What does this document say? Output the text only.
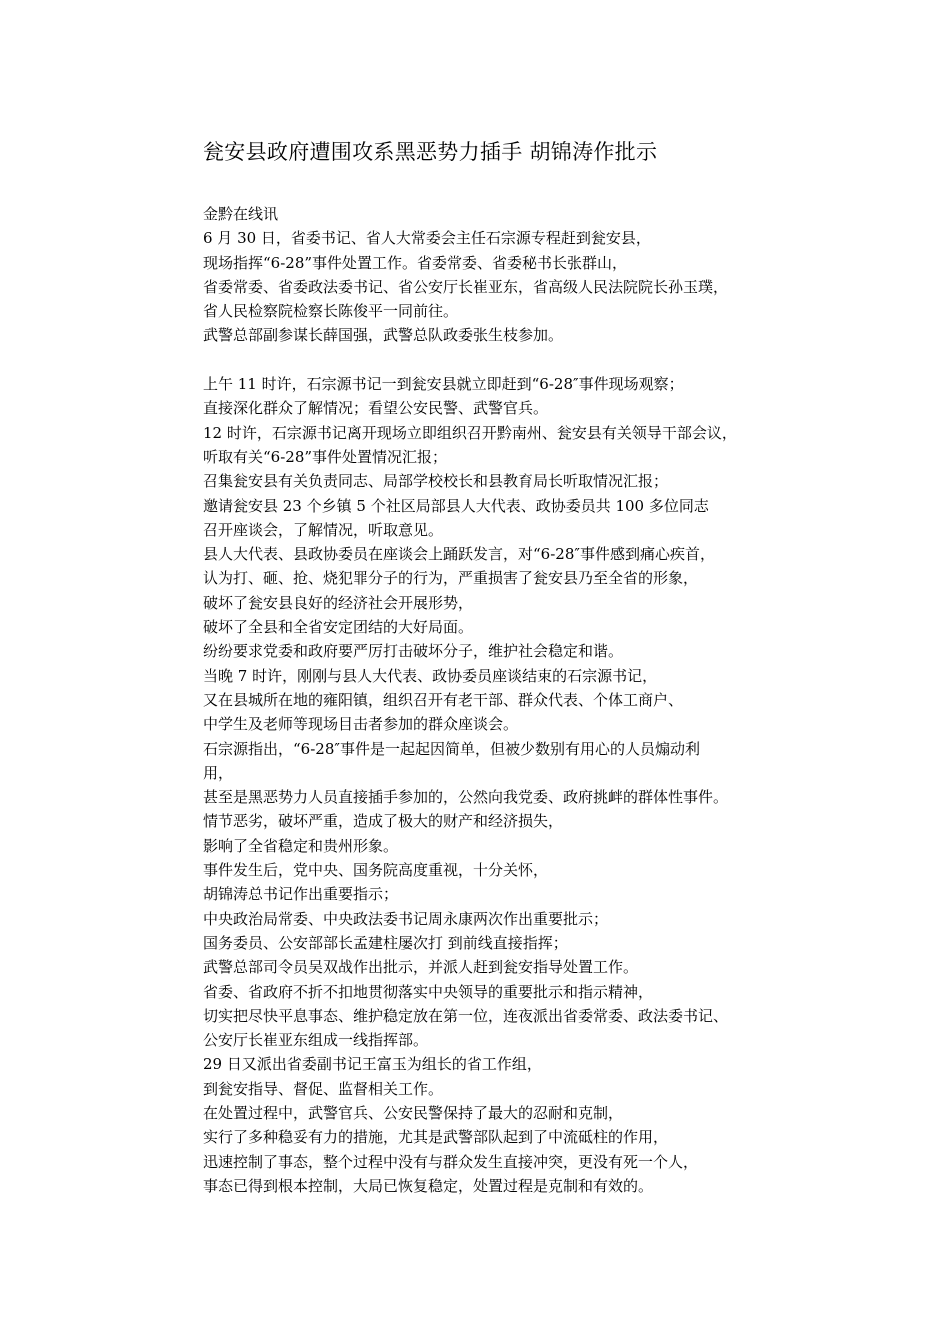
瓮安县政府遭围攻系黑恶势力插手 胡锦涛作批示
金黔在线讯
6 月 30 日，省委书记、省人大常委会主任石宗源专程赶到瓮安县，
现场指挥“6-28”事件处置工作。省委常委、省委秘书长张群山，
省委常委、省委政法委书记、省公安厅长崔亚东，省高级人民法院院长孙玉璞，
省人民检察院检察长陈俊平一同前往。
武警总部副参谋长薛国强，武警总队政委张生枝参加。
上午 11 时许，石宗源书记一到瓮安县就立即赶到“6-28″事件现场观察；
直接深化群众了解情况；看望公安民警、武警官兵。
12 时许，石宗源书记离开现场立即组织召开黔南州、瓮安县有关领导干部会议，
听取有关“6-28”事件处置情况汇报；
召集瓮安县有关负责同志、局部学校校长和县教育局长听取情况汇报；
邀请瓮安县 23 个乡镇 5 个社区局部县人大代表、政协委员共 100 多位同志
召开座谈会，了解情况，听取意见。
县人大代表、县政协委员在座谈会上踊跃发言，对“6-28″事件感到痛心疾首，
认为打、砸、抢、烧犯罪分子的行为，严重损害了瓮安县乃至全省的形象，
破坏了瓮安县良好的经济社会开展形势，
破坏了全县和全省安定团结的大好局面。
纷纷要求党委和政府要严厉打击破坏分子，维护社会稳定和谐。
当晚 7 时许，刚刚与县人大代表、政协委员座谈结束的石宗源书记，
又在县城所在地的雍阳镇，组织召开有老干部、群众代表、个体工商户、
中学生及老师等现场目击者参加的群众座谈会。
石宗源指出，“6-28″事件是一起起因简单，但被少数别有用心的人员煽动利
用，
甚至是黑恶势力人员直接插手参加的，公然向我党委、政府挑衅的群体性事件。
情节恶劣，破坏严重，造成了极大的财产和经济损失，
影响了全省稳定和贵州形象。
事件发生后，党中央、国务院高度重视，十分关怀，
胡锦涛总书记作出重要指示；
中央政治局常委、中央政法委书记周永康两次作出重要批示；
国务委员、公安部部长孟建柱屡次打 到前线直接指挥；
武警总部司令员吴双战作出批示，并派人赶到瓮安指导处置工作。
省委、省政府不折不扣地贯彻落实中央领导的重要批示和指示精神，
切实把尽快平息事态、维护稳定放在第一位，连夜派出省委常委、政法委书记、
公安厅长崔亚东组成一线指挥部。
29 日又派出省委副书记王富玉为组长的省工作组，
到瓮安指导、督促、监督相关工作。
在处置过程中，武警官兵、公安民警保持了最大的忍耐和克制，
实行了多种稳妥有力的措施，尤其是武警部队起到了中流砥柱的作用，
迅速控制了事态，整个过程中没有与群众发生直接冲突，更没有死一个人，
事态已得到根本控制，大局已恢复稳定，处置过程是克制和有效的。
